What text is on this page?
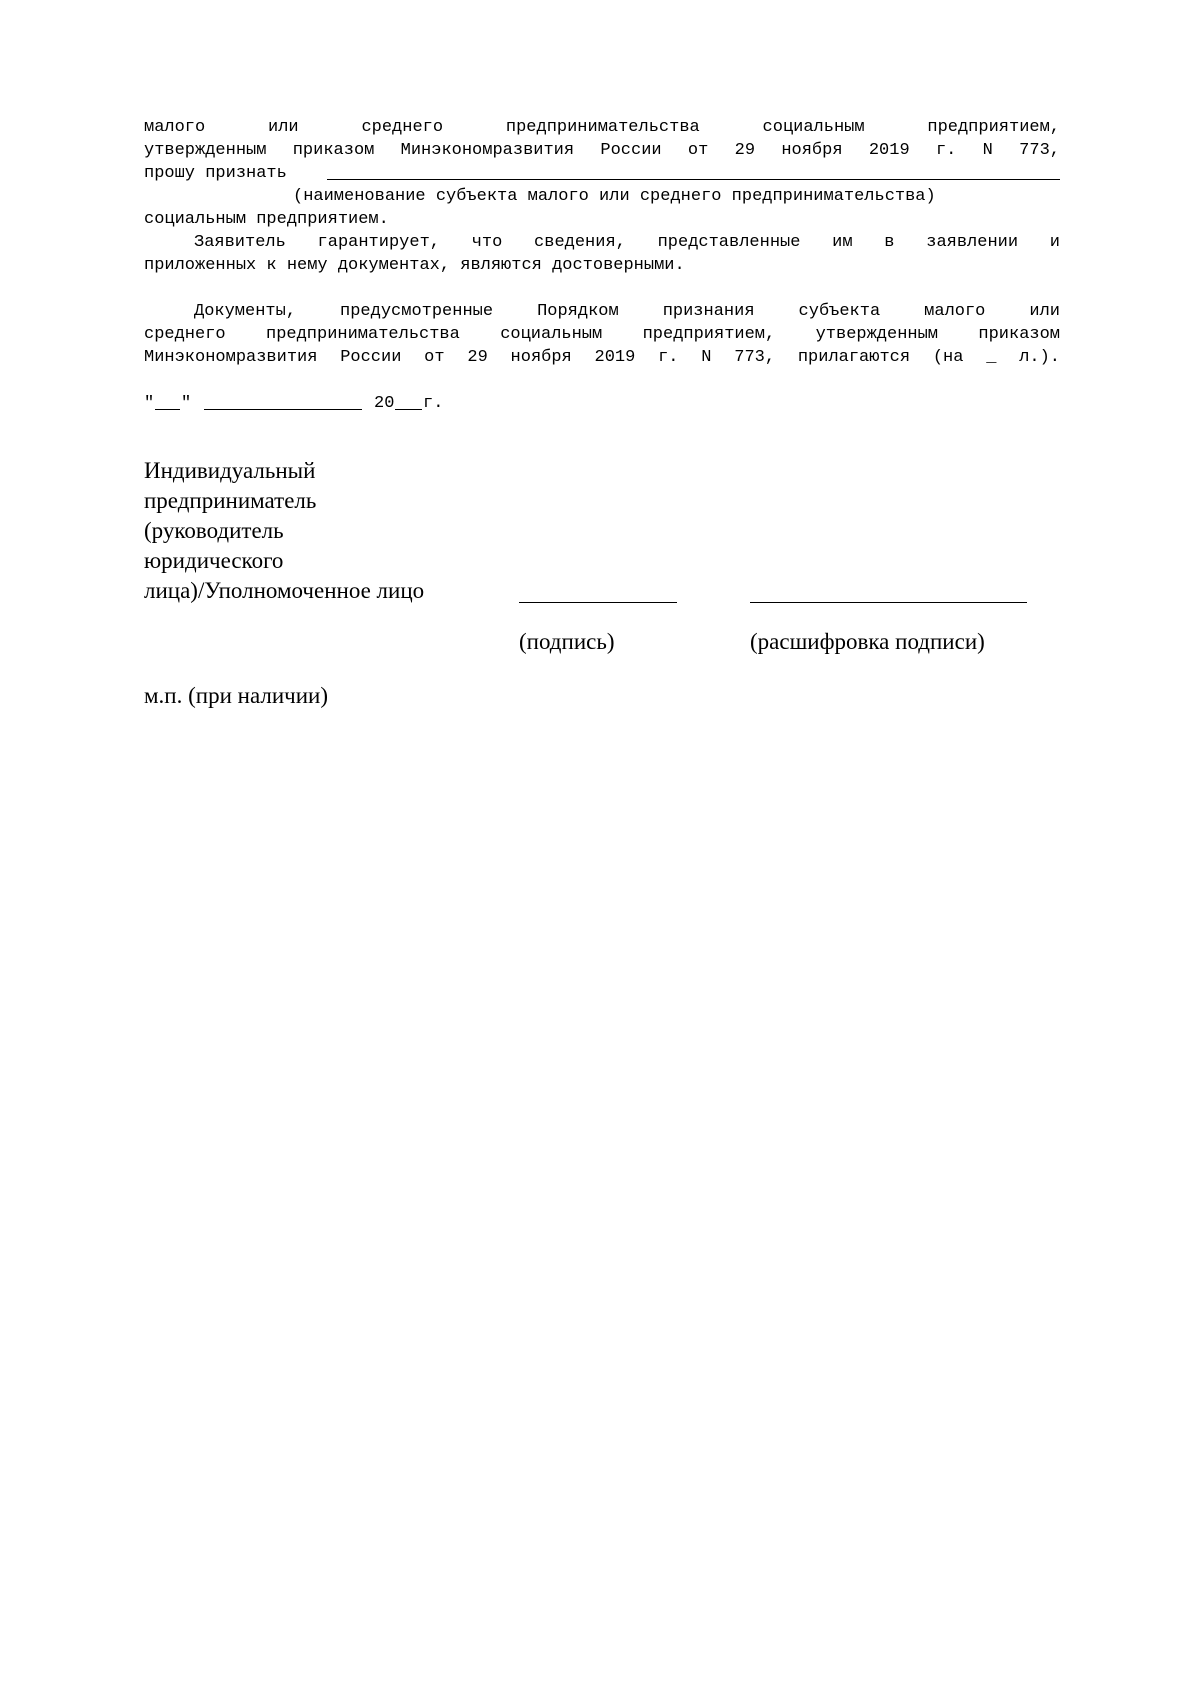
малого или среднего предпринимательства социальным предприятием,
утвержденным приказом Минэкономразвития России от 29 ноября 2019 г. N 773,
прошу признать
(наименование субъекта малого или среднего предпринимательства)
социальным предприятием.
Заявитель гарантирует, что сведения, представленные им в заявлении и
приложенных к нему документах, являются достоверными.
Документы, предусмотренные Порядком признания субъекта малого или
среднего предпринимательства социальным предприятием, утвержденным приказом
Минэкономразвития России от 29 ноября 2019 г. N 773, прилагаются (на _ л.).
" "	20 г.
Индивидуальный
предприниматель
(руководитель
юридического
лица)/Уполномоченное лицо
(подпись)	(расшифровка подписи)
м.п. (при наличии)
